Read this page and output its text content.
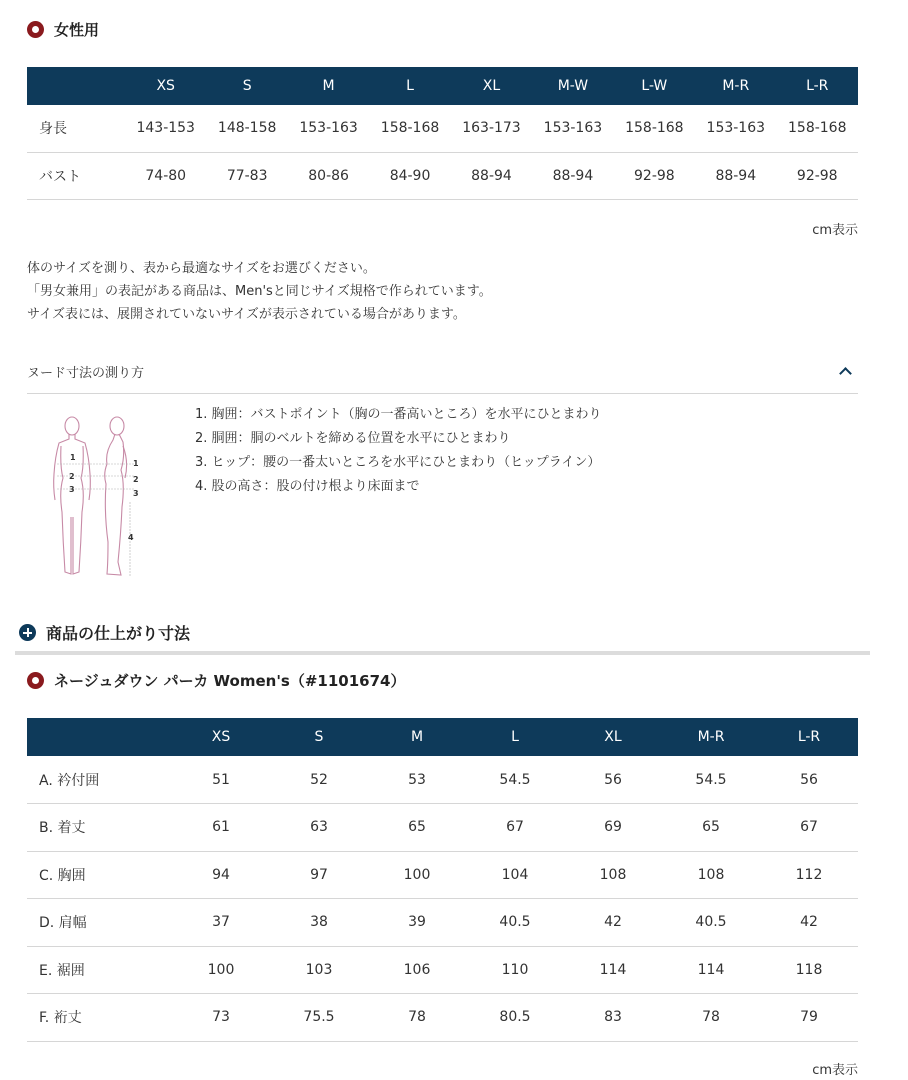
女性用
	XS	S	M	L	XL	M-W	L-W	M-R	L-R
身長	143-153	148-158	153-163	158-168	163-173	153-163	158-168	153-163	158-168
バスト	74-80	77-83	80-86	84-90	88-94	88-94	92-98	88-94	92-98
cm表示
体のサイズを測り、表から最適なサイズをお選びください。
「男女兼用」の表記がある商品は、Men'sと同じサイズ規格で作られています。
サイズ表には、展開されていないサイズが表示されている場合があります。
ヌード寸法の測り方
1
2
3
1
2
3
4
1. 胸囲：バストポイント（胸の一番高いところ）を水平にひとまわり
2. 胴囲：胴のベルトを締める位置を水平にひとまわり
3. ヒップ：腰の一番太いところを水平にひとまわり（ヒップライン）
4. 股の高さ：股の付け根より床面まで
商品の仕上がり寸法
ネージュダウン パーカ Women's（#1101674）
	XS	S	M	L	XL	M-R	L-R
A. 衿付囲	51	52	53	54.5	56	54.5	56
B. 着丈	61	63	65	67	69	65	67
C. 胸囲	94	97	100	104	108	108	112
D. 肩幅	37	38	39	40.5	42	40.5	42
E. 裾囲	100	103	106	110	114	114	118
F. 裄丈	73	75.5	78	80.5	83	78	79
cm表示
